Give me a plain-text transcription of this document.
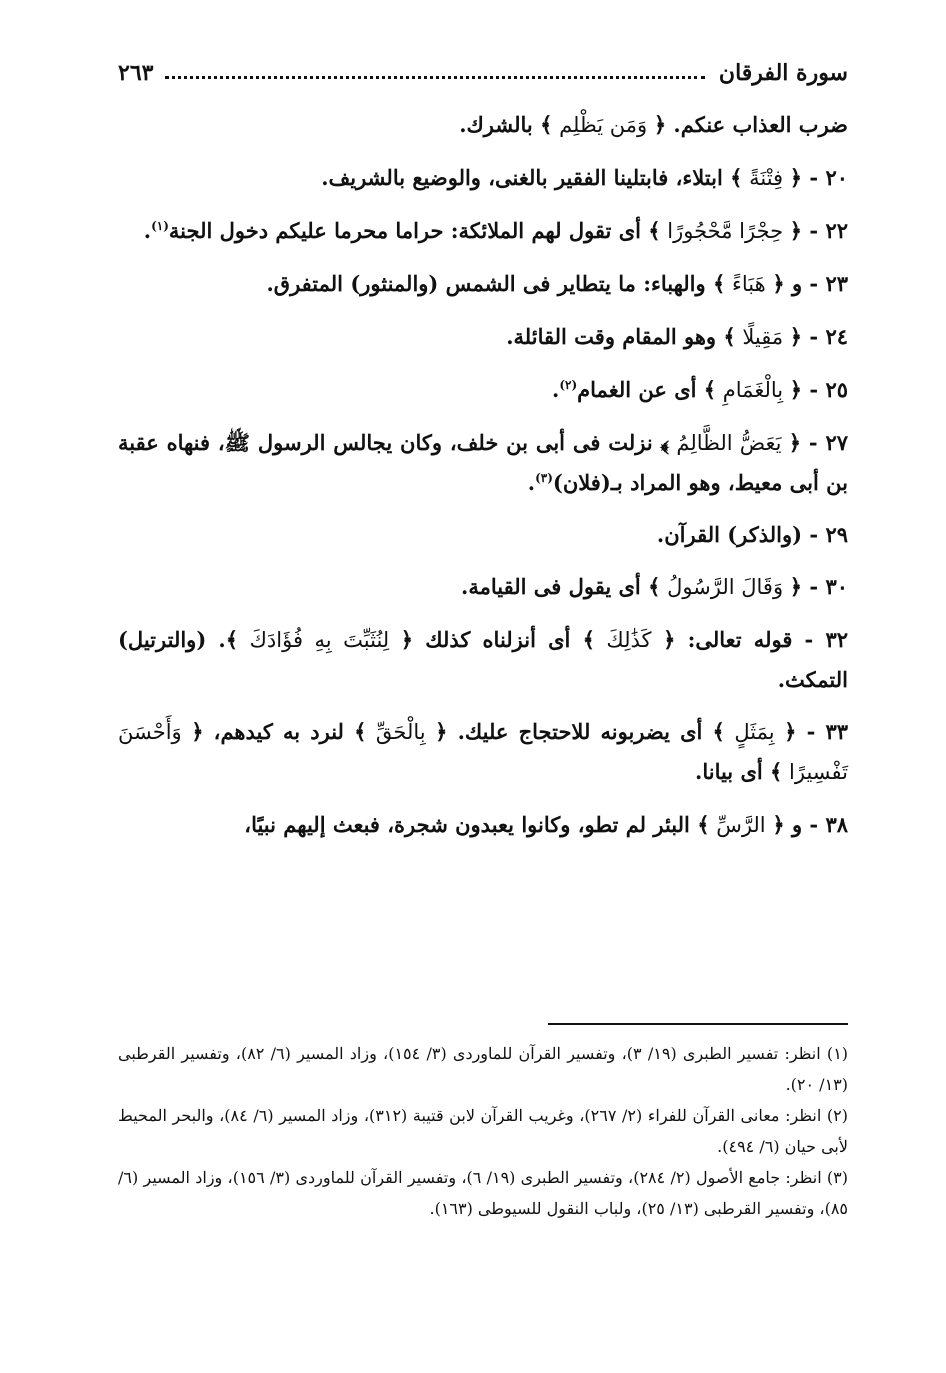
سورة الفرقان
٢٦٣

ضرب العذاب عنكم. ﴿ وَمَن يَظْلِم ﴾ بالشرك.

٢٠ - ﴿ فِتْنَةً ﴾ ابتلاء، فابتلينا الفقير بالغنى، والوضيع بالشريف.

٢٢ - ﴿ حِجْرًا مَّحْجُورًا ﴾ أى تقول لهم الملائكة: حراما محرما عليكم دخول الجنة$^{(١)}$.

٢٣ - و ﴿ هَبَاءً ﴾ والهباء: ما يتطاير فى الشمس (والمنثور) المتفرق.

٢٤ - ﴿ مَقِيلًا ﴾ وهو المقام وقت القائلة.

٢٥ - ﴿ بِالْغَمَامِ ﴾ أى عن الغمام$^{(٢)}$.

٢٧ - ﴿ يَعَضُّ الظَّالِمُ ﴾ نزلت فى أبى بن خلف، وكان يجالس الرسول ﷺ، فنهاه عقبة بن أبى معيط، وهو المراد بـ(فلان)$^{(٣)}$.

٢٩ - (والذكر) القرآن.

٣٠ - ﴿ وَقَالَ الرَّسُولُ ﴾ أى يقول فى القيامة.

٣٢ - قوله تعالى: ﴿ كَذَٰلِكَ ﴾ أى أنزلناه كذلك ﴿ لِنُثَبِّتَ بِهِ فُؤَادَكَ ﴾. (والترتيل) التمكث.

٣٣ - ﴿ بِمَثَلٍ ﴾ أى يضربونه للاحتجاج عليك. ﴿ بِالْحَقِّ ﴾ لنرد به كيدهم، ﴿ وَأَحْسَنَ تَفْسِيرًا ﴾ أى بيانا.

٣٨ - و ﴿ الرَّسِّ ﴾ البئر لم تطو، وكانوا يعبدون شجرة، فبعث إليهم نبيًا،

(١) انظر: تفسير الطبرى (١٩/ ٣)، وتفسير القرآن للماوردى (٣/ ١٥٤)، وزاد المسير (٦/ ٨٢)، وتفسير القرطبى (١٣/ ٢٠).

(٢) انظر: معانى القرآن للفراء (٢/ ٢٦٧)، وغريب القرآن لابن قتيبة (٣١٢)، وزاد المسير (٦/ ٨٤)، والبحر المحيط لأبى حيان (٦/ ٤٩٤).

(٣) انظر: جامع الأصول (٢/ ٢٨٤)، وتفسير الطبرى (١٩/ ٦)، وتفسير القرآن للماوردى (٣/ ١٥٦)، وزاد المسير (٦/ ٨٥)، وتفسير القرطبى (١٣/ ٢٥)، ولباب النقول للسيوطى (١٦٣).
